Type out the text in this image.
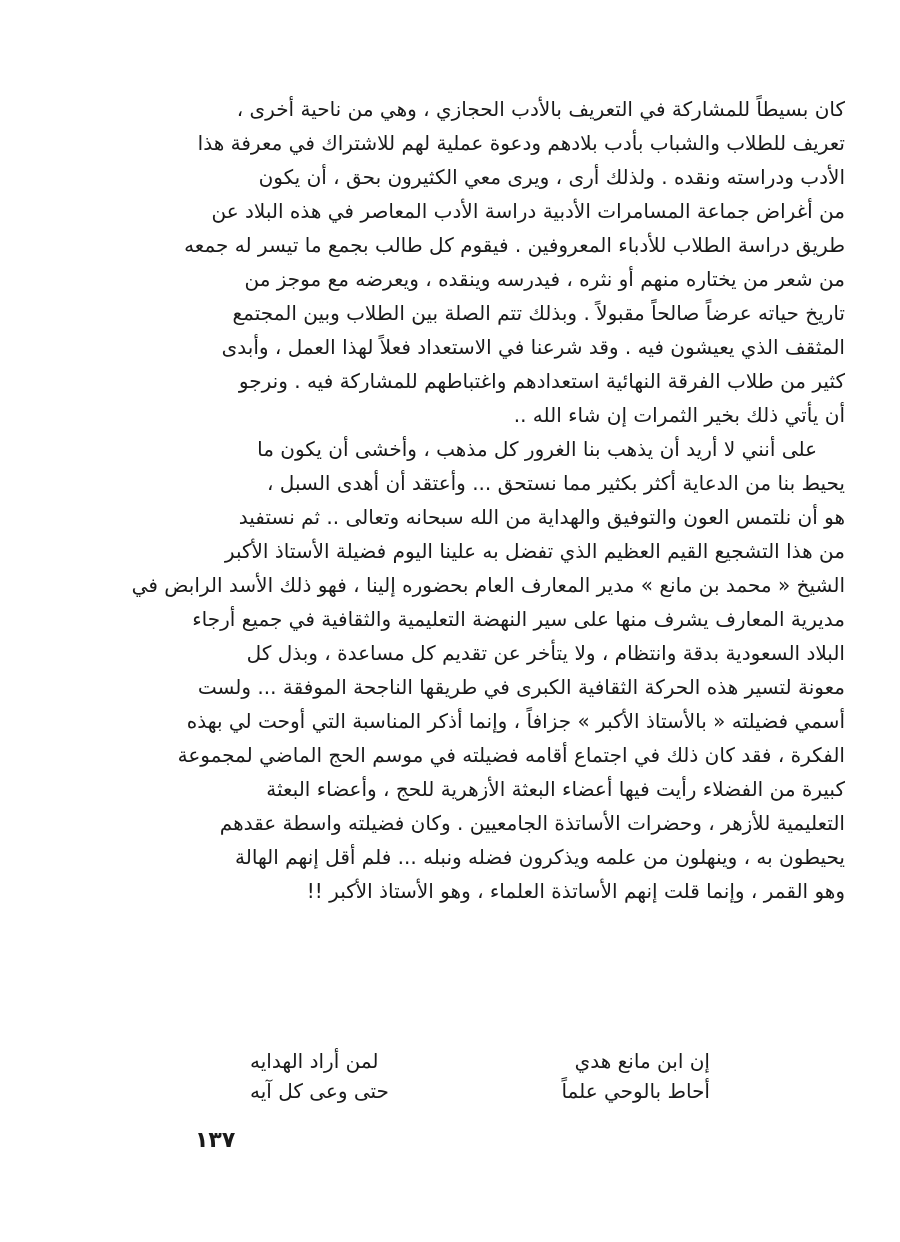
كان بسيطاً للمشاركة في التعريف بالأدب الحجازي ، وهي من ناحية أخرى ،
تعريف للطلاب والشباب بأدب بلادهم ودعوة عملية لهم للاشتراك في معرفة هذا
الأدب ودراسته ونقده . ولذلك أرى ، ويرى معي الكثيرون بحق ، أن يكون
من أغراض جماعة المسامرات الأدبية دراسة الأدب المعاصر في هذه البلاد عن
طريق دراسة الطلاب للأدباء المعروفين . فيقوم كل طالب بجمع ما تيسر له جمعه
من شعر من يختاره منهم أو نثره ، فيدرسه وينقده ، ويعرضه مع موجز من
تاريخ حياته عرضاً صالحاً مقبولاً . وبذلك تتم الصلة بين الطلاب وبين المجتمع
المثقف الذي يعيشون فيه . وقد شرعنا في الاستعداد فعلاً لهذا العمل ، وأبدى
كثير من طلاب الفرقة النهائية استعدادهم واغتباطهم للمشاركة فيه . ونرجو
أن يأتي ذلك بخير الثمرات إن شاء الله ..
على أنني لا أريد أن يذهب بنا الغرور كل مذهب ، وأخشى أن يكون ما
يحيط بنا من الدعاية أكثر بكثير مما نستحق ... وأعتقد أن أهدى السبل ،
هو أن نلتمس العون والتوفيق والهداية من الله سبحانه وتعالى .. ثم نستفيد
من هذا التشجيع القيم العظيم الذي تفضل به علينا اليوم فضيلة الأستاذ الأكبر
الشيخ « محمد بن مانع » مدير المعارف العام بحضوره إلينا ، فهو ذلك الأسد الرابض في
مديرية المعارف يشرف منها على سير النهضة التعليمية والثقافية في جميع أرجاء
البلاد السعودية بدقة وانتظام ، ولا يتأخر عن تقديم كل مساعدة ، وبذل كل
معونة لتسير هذه الحركة الثقافية الكبرى في طريقها الناجحة الموفقة ... ولست
أسمي فضيلته « بالأستاذ الأكبر » جزافاً ، وإنما أذكر المناسبة التي أوحت لي بهذه
الفكرة ، فقد كان ذلك في اجتماع أقامه فضيلته في موسم الحج الماضي لمجموعة
كبيرة من الفضلاء رأيت فيها أعضاء البعثة الأزهرية للحج ، وأعضاء البعثة
التعليمية للأزهر ، وحضرات الأساتذة الجامعيين . وكان فضيلته واسطة عقدهم
يحيطون به ، وينهلون من علمه ويذكرون فضله ونبله ... فلم أقل إنهم الهالة
وهو القمر ، وإنما قلت إنهم الأساتذة العلماء ، وهو الأستاذ الأكبر !!
إن ابن مانع هدي
لمن أراد الهدايه
أحاط بالوحي علماً
حتى وعى كل آيه
١٣٧
